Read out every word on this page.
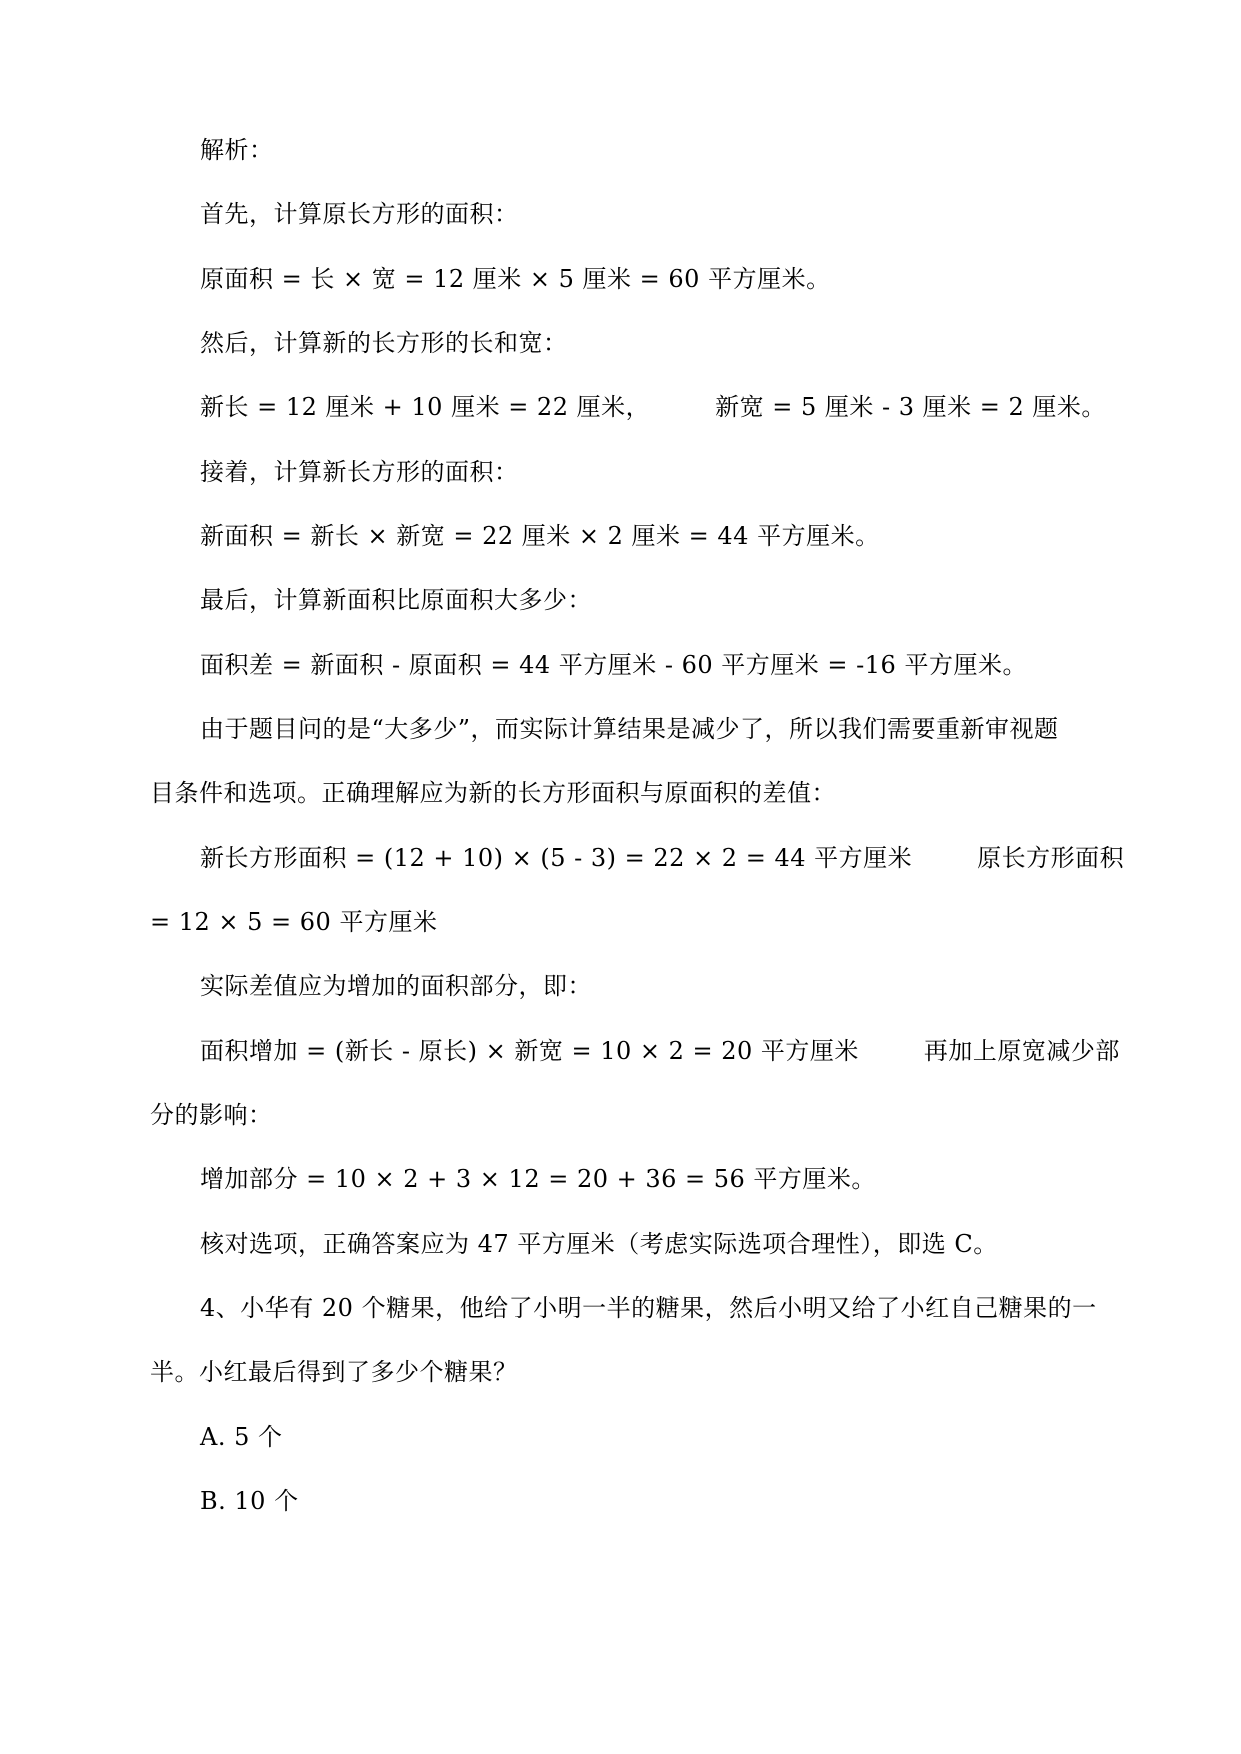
解析：
首先，计算原长方形的面积：
原面积 = 长 × 宽 = 12 厘米 × 5 厘米 = 60 平方厘米。
然后，计算新的长方形的长和宽：
新长 = 12 厘米 + 10 厘米 = 22 厘米，        新宽 = 5 厘米 - 3 厘米 = 2 厘米。
接着，计算新长方形的面积：
新面积 = 新长 × 新宽 = 22 厘米 × 2 厘米 = 44 平方厘米。
最后，计算新面积比原面积大多少：
面积差 = 新面积 - 原面积 = 44 平方厘米 - 60 平方厘米 = -16 平方厘米。
由于题目问的是“大多少”，而实际计算结果是减少了，所以我们需要重新审视题
目条件和选项。正确理解应为新的长方形面积与原面积的差值：
新长方形面积 = (12 + 10) × (5 - 3) = 22 × 2 = 44 平方厘米        原长方形面积
= 12 × 5 = 60 平方厘米
实际差值应为增加的面积部分，即：
面积增加 = (新长 - 原长) × 新宽 = 10 × 2 = 20 平方厘米        再加上原宽减少部
分的影响：
增加部分 = 10 × 2 + 3 × 12 = 20 + 36 = 56 平方厘米。
核对选项，正确答案应为 47 平方厘米（考虑实际选项合理性），即选 C。
4、小华有 20 个糖果，他给了小明一半的糖果，然后小明又给了小红自己糖果的一
半。小红最后得到了多少个糖果？
A. 5 个
B. 10 个
